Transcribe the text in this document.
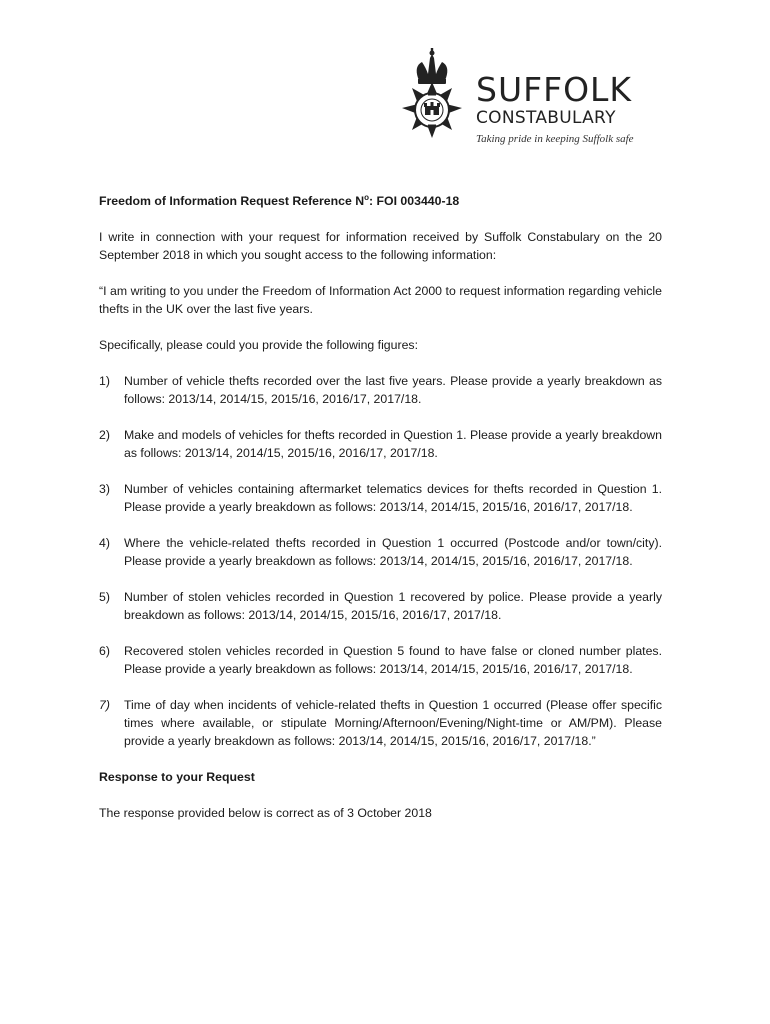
SUFFOLK
CONSTABULARY
Taking pride in keeping Suffolk safe
Freedom of Information Request Reference $N^o$: FOI 003440-18

I write in connection with your request for information received by Suffolk Constabulary on the 20 September 2018 in which you sought access to the following information:

“I am writing to you under the Freedom of Information Act 2000 to request information regarding vehicle thefts in the UK over the last five years.

Specifically, please could you provide the following figures:

1) Number of vehicle thefts recorded over the last five years. Please provide a yearly breakdown as follows: 2013/14, 2014/15, 2015/16, 2016/17, 2017/18.
2) Make and models of vehicles for thefts recorded in Question 1. Please provide a yearly breakdown as follows: 2013/14, 2014/15, 2015/16, 2016/17, 2017/18.
3) Number of vehicles containing aftermarket telematics devices for thefts recorded in Question 1. Please provide a yearly breakdown as follows: 2013/14, 2014/15, 2015/16, 2016/17, 2017/18.
4) Where the vehicle-related thefts recorded in Question 1 occurred (Postcode and/or town/city). Please provide a yearly breakdown as follows: 2013/14, 2014/15, 2015/16, 2016/17, 2017/18.
5) Number of stolen vehicles recorded in Question 1 recovered by police. Please provide a yearly breakdown as follows: 2013/14, 2014/15, 2015/16, 2016/17, 2017/18.
6) Recovered stolen vehicles recorded in Question 5 found to have false or cloned number plates. Please provide a yearly breakdown as follows: 2013/14, 2014/15, 2015/16, 2016/17, 2017/18.
7) Time of day when incidents of vehicle-related thefts in Question 1 occurred (Please offer specific times where available, or stipulate Morning/Afternoon/Evening/Night-time or AM/PM). Please provide a yearly breakdown as follows: 2013/14, 2014/15, 2015/16, 2016/17, 2017/18.”
Response to your Request

The response provided below is correct as of 3 October 2018
